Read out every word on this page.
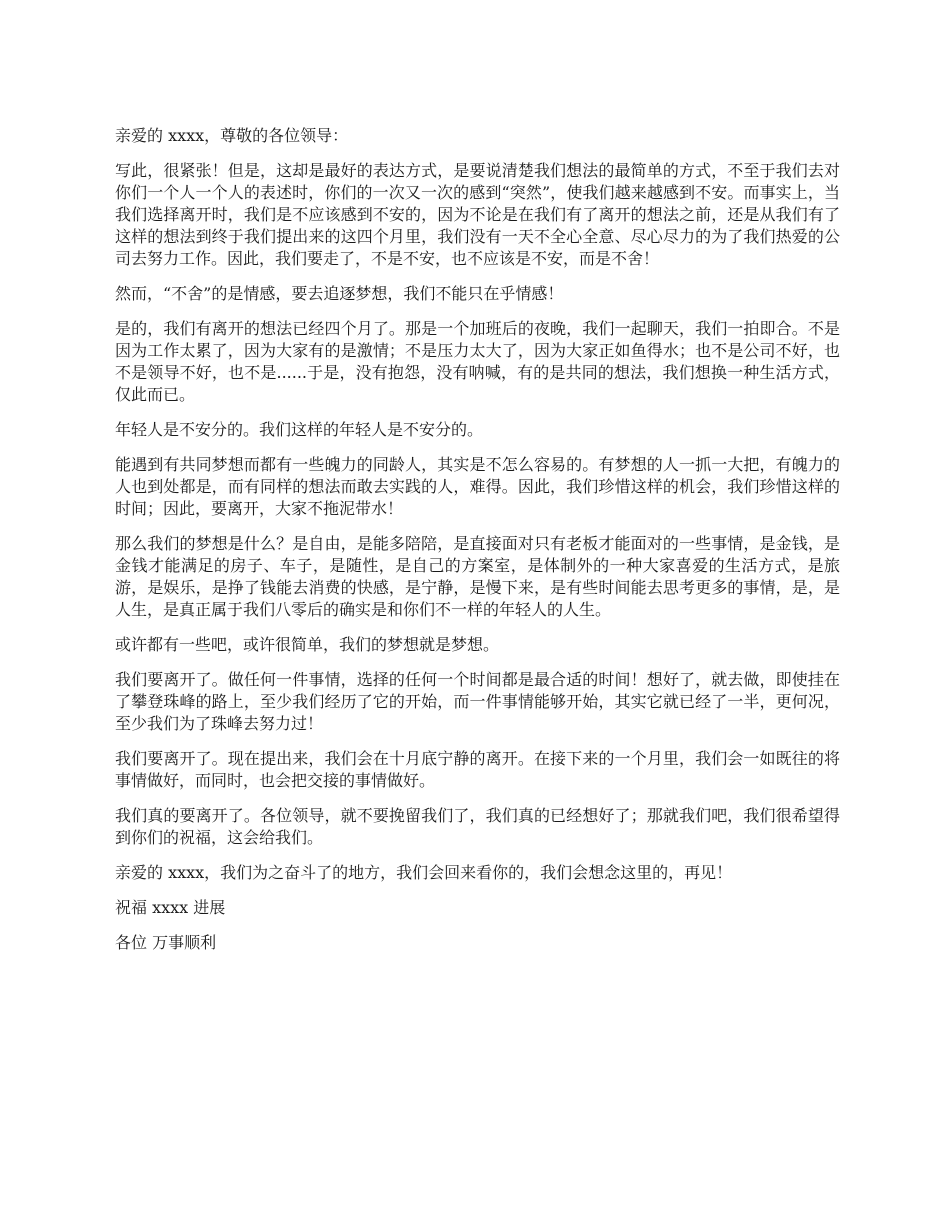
亲爱的 xxxx，尊敬的各位领导：

写此，很紧张！但是，这却是最好的表达方式，是要说清楚我们想法的最简单的方式，不至于我们去对你们一个人一个人的表述时，你们的一次又一次的感到“突然”，使我们越来越感到不安。而事实上，当我们选择离开时，我们是不应该感到不安的，因为不论是在我们有了离开的想法之前，还是从我们有了这样的想法到终于我们提出来的这四个月里，我们没有一天不全心全意、尽心尽力的为了我们热爱的公司去努力工作。因此，我们要走了，不是不安，也不应该是不安，而是不舍！

然而，“不舍”的是情感，要去追逐梦想，我们不能只在乎情感！

是的，我们有离开的想法已经四个月了。那是一个加班后的夜晚，我们一起聊天，我们一拍即合。不是因为工作太累了，因为大家有的是激情；不是压力太大了，因为大家正如鱼得水；也不是公司不好，也不是领导不好，也不是......于是，没有抱怨，没有呐喊，有的是共同的想法，我们想换一种生活方式，仅此而已。

年轻人是不安分的。我们这样的年轻人是不安分的。

能遇到有共同梦想而都有一些魄力的同龄人，其实是不怎么容易的。有梦想的人一抓一大把，有魄力的人也到处都是，而有同样的想法而敢去实践的人，难得。因此，我们珍惜这样的机会，我们珍惜这样的时间；因此，要离开，大家不拖泥带水！

那么我们的梦想是什么？是自由，是能多陪陪，是直接面对只有老板才能面对的一些事情，是金钱，是金钱才能满足的房子、车子，是随性，是自己的方案室，是体制外的一种大家喜爱的生活方式，是旅游，是娱乐，是挣了钱能去消费的快感，是宁静，是慢下来，是有些时间能去思考更多的事情，是，是人生，是真正属于我们八零后的确实是和你们不一样的年轻人的人生。

或许都有一些吧，或许很简单，我们的梦想就是梦想。

我们要离开了。做任何一件事情，选择的任何一个时间都是最合适的时间！想好了，就去做，即使挂在了攀登珠峰的路上，至少我们经历了它的开始，而一件事情能够开始，其实它就已经了一半，更何况，至少我们为了珠峰去努力过！

我们要离开了。现在提出来，我们会在十月底宁静的离开。在接下来的一个月里，我们会一如既往的将事情做好，而同时，也会把交接的事情做好。

我们真的要离开了。各位领导，就不要挽留我们了，我们真的已经想好了；那就我们吧，我们很希望得到你们的祝福，这会给我们。

亲爱的 xxxx，我们为之奋斗了的地方，我们会回来看你的，我们会想念这里的，再见！

祝福 xxxx 进展

各位 万事顺利
